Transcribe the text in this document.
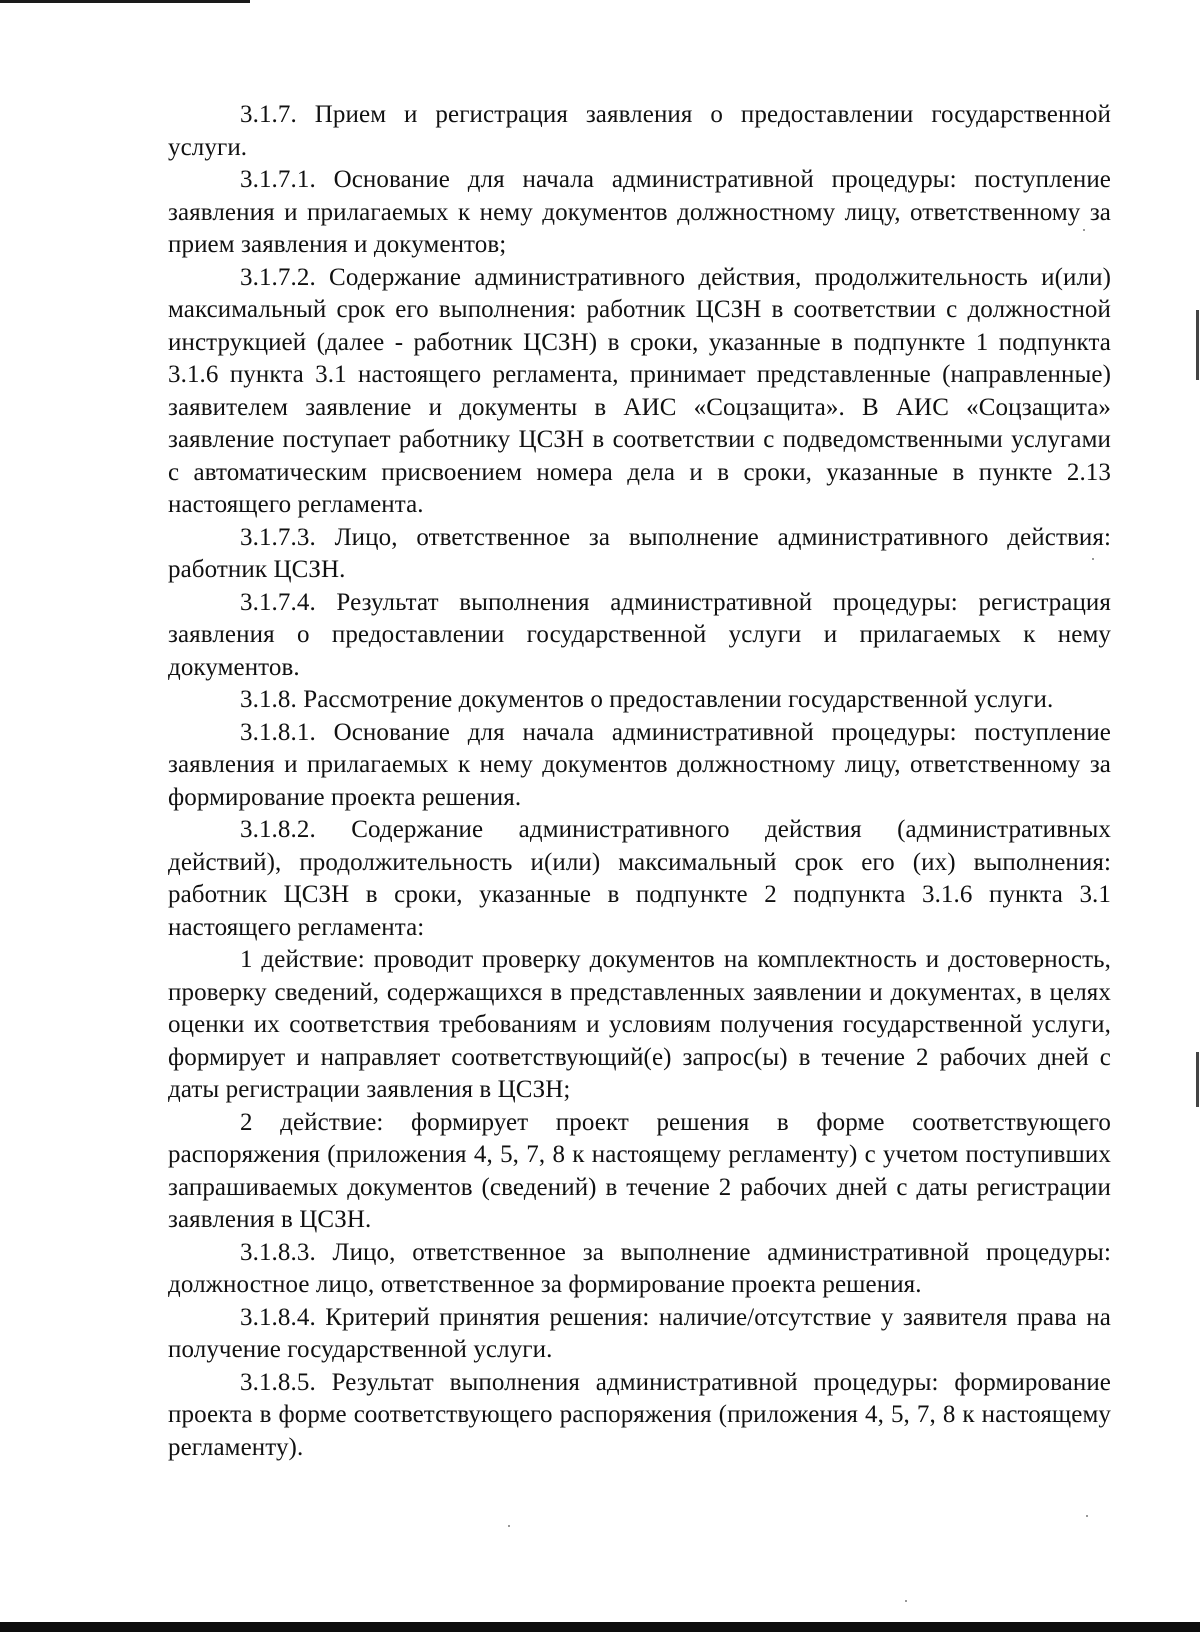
3.1.7. Прием и регистрация заявления о предоставлении государственной услуги.

3.1.7.1. Основание для начала административной процедуры: поступление заявления и прилагаемых к нему документов должностному лицу, ответственному за прием заявления и документов;

3.1.7.2. Содержание административного действия, продолжительность и(или) максимальный срок его выполнения: работник ЦСЗН в соответствии с должностной инструкцией (далее - работник ЦСЗН) в сроки, указанные в подпункте 1 подпункта 3.1.6 пункта 3.1 настоящего регламента, принимает представленные (направленные) заявителем заявление и документы в АИС «Соцзащита». В АИС «Соцзащита» заявление поступает работнику ЦСЗН в соответствии с подведомственными услугами с автоматическим присвоением номера дела и в сроки, указанные в пункте 2.13 настоящего регламента.

3.1.7.3. Лицо, ответственное за выполнение административного действия: работник ЦСЗН.

3.1.7.4. Результат выполнения административной процедуры: регистрация заявления о предоставлении государственной услуги и прилагаемых к нему документов.

3.1.8. Рассмотрение документов о предоставлении государственной услуги.

3.1.8.1. Основание для начала административной процедуры: поступление заявления и прилагаемых к нему документов должностному лицу, ответственному за формирование проекта решения.

3.1.8.2. Содержание административного действия (административных действий), продолжительность и(или) максимальный срок его (их) выполнения: работник ЦСЗН в сроки, указанные в подпункте 2 подпункта 3.1.6 пункта 3.1 настоящего регламента:

1 действие: проводит проверку документов на комплектность и достоверность, проверку сведений, содержащихся в представленных заявлении и документах, в целях оценки их соответствия требованиям и условиям получения государственной услуги, формирует и направляет соответствующий(е) запрос(ы) в течение 2 рабочих дней с даты регистрации заявления в ЦСЗН;

2 действие: формирует проект решения в форме соответствующего распоряжения (приложения 4, 5, 7, 8 к настоящему регламенту) с учетом поступивших запрашиваемых документов (сведений) в течение 2 рабочих дней с даты регистрации заявления в ЦСЗН.

3.1.8.3. Лицо, ответственное за выполнение административной процедуры: должностное лицо, ответственное за формирование проекта решения.

3.1.8.4. Критерий принятия решения: наличие/отсутствие у заявителя права на получение государственной услуги.

3.1.8.5. Результат выполнения административной процедуры: формирование проекта в форме соответствующего распоряжения (приложения 4, 5, 7, 8 к настоящему регламенту).
